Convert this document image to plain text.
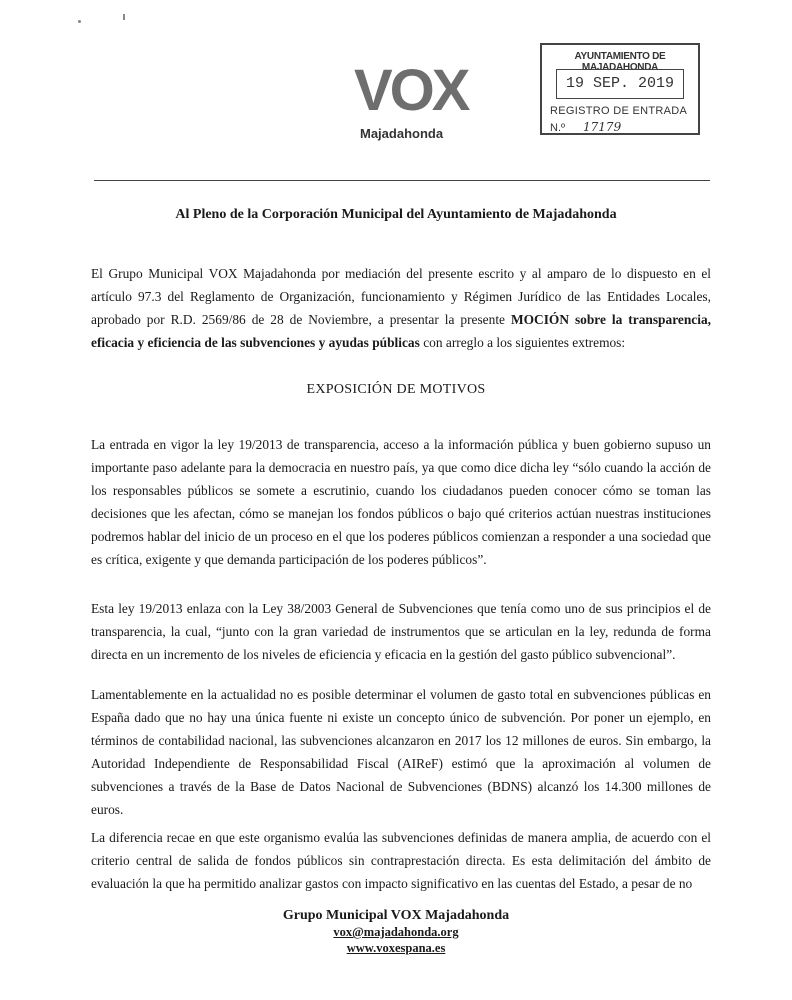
VOX
Majadahonda
AYUNTAMIENTO DE MAJADAHONDA
19 SEP. 2019
REGISTRO DE ENTRADA
N.º 17179
Al Pleno de la Corporación Municipal del Ayuntamiento de Majadahonda

El Grupo Municipal VOX Majadahonda por mediación del presente escrito y al amparo de lo dispuesto en el artículo 97.3 del Reglamento de Organización, funcionamiento y Régimen Jurídico de las Entidades Locales, aprobado por R.D. 2569/86 de 28 de Noviembre, a presentar la presente MOCIÓN sobre la transparencia, eficacia y eficiencia de las subvenciones y ayudas públicas con arreglo a los siguientes extremos:

EXPOSICIÓN DE MOTIVOS

La entrada en vigor la ley 19/2013 de transparencia, acceso a la información pública y buen gobierno supuso un importante paso adelante para la democracia en nuestro país, ya que como dice dicha ley “sólo cuando la acción de los responsables públicos se somete a escrutinio, cuando los ciudadanos pueden conocer cómo se toman las decisiones que les afectan, cómo se manejan los fondos públicos o bajo qué criterios actúan nuestras instituciones podremos hablar del inicio de un proceso en el que los poderes públicos comienzan a responder a una sociedad que es crítica, exigente y que demanda participación de los poderes públicos”.

Esta ley 19/2013 enlaza con la Ley 38/2003 General de Subvenciones que tenía como uno de sus principios el de transparencia, la cual, “junto con la gran variedad de instrumentos que se articulan en la ley, redunda de forma directa en un incremento de los niveles de eficiencia y eficacia en la gestión del gasto público subvencional”.

Lamentablemente en la actualidad no es posible determinar el volumen de gasto total en subvenciones públicas en España dado que no hay una única fuente ni existe un concepto único de subvención. Por poner un ejemplo, en términos de contabilidad nacional, las subvenciones alcanzaron en 2017 los 12 millones de euros. Sin embargo, la Autoridad Independiente de Responsabilidad Fiscal (AIReF) estimó que la aproximación al volumen de subvenciones a través de la Base de Datos Nacional de Subvenciones (BDNS) alcanzó los 14.300 millones de euros.

La diferencia recae en que este organismo evalúa las subvenciones definidas de manera amplia, de acuerdo con el criterio central de salida de fondos públicos sin contraprestación directa. Es esta delimitación del ámbito de evaluación la que ha permitido analizar gastos con impacto significativo en las cuentas del Estado, a pesar de no

Grupo Municipal VOX Majadahonda
vox@majadahonda.org
www.voxespana.es
